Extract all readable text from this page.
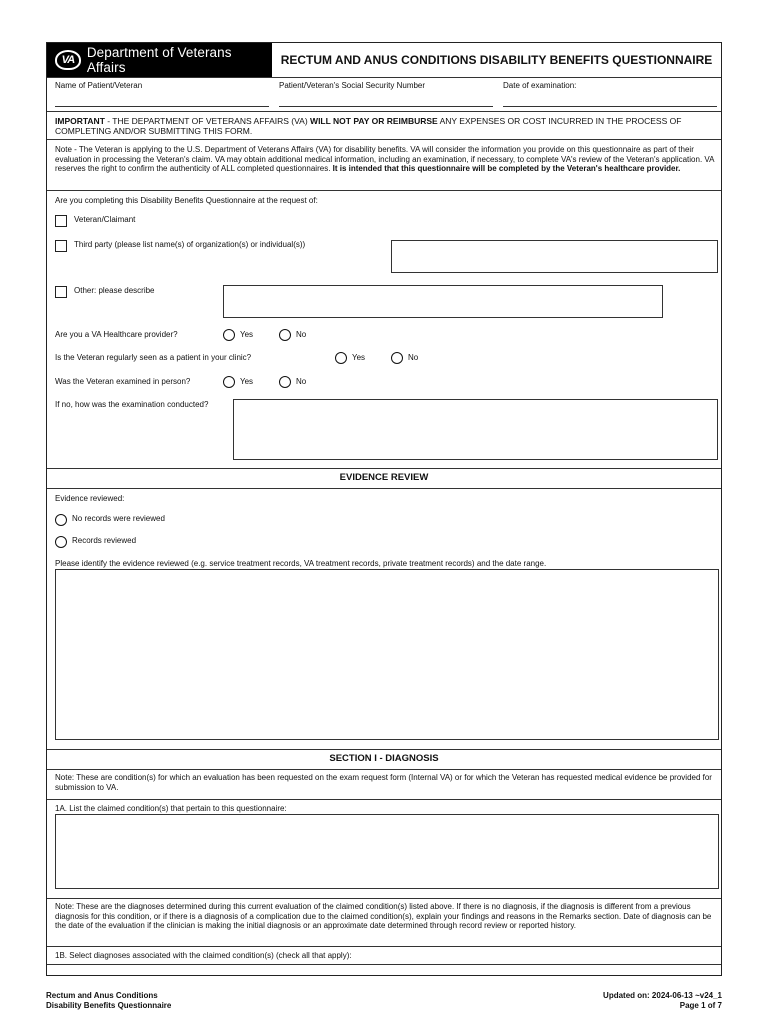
VA Department of Veterans Affairs	RECTUM AND ANUS CONDITIONS DISABILITY BENEFITS QUESTIONNAIRE
Name of Patient/Veteran	Patient/Veteran's Social Security Number	Date of examination:
IMPORTANT - THE DEPARTMENT OF VETERANS AFFAIRS (VA) WILL NOT PAY OR REIMBURSE ANY EXPENSES OR COST INCURRED IN THE PROCESS OF COMPLETING AND/OR SUBMITTING THIS FORM.
Note - The Veteran is applying to the U.S. Department of Veterans Affairs (VA) for disability benefits. VA will consider the information you provide on this questionnaire as part of their evaluation in processing the Veteran's claim. VA may obtain additional medical information, including an examination, if necessary, to complete VA's review of the Veteran's application. VA reserves the right to confirm the authenticity of ALL completed questionnaires. It is intended that this questionnaire will be completed by the Veteran's healthcare provider.
Are you completing this Disability Benefits Questionnaire at the request of:
Veteran/Claimant
Third party (please list name(s) of organization(s) or individual(s))
Other: please describe
Are you a VA Healthcare provider?	Yes	No
Is the Veteran regularly seen as a patient in your clinic?	Yes	No
Was the Veteran examined in person?	Yes	No
If no, how was the examination conducted?
EVIDENCE REVIEW
Evidence reviewed:
No records were reviewed
Records reviewed
Please identify the evidence reviewed (e.g. service treatment records, VA treatment records, private treatment records) and the date range.
SECTION I - DIAGNOSIS
Note: These are condition(s) for which an evaluation has been requested on the exam request form (Internal VA) or for which the Veteran has requested medical evidence be provided for submission to VA.
1A. List the claimed condition(s) that pertain to this questionnaire:
Note: These are the diagnoses determined during this current evaluation of the claimed condition(s) listed above. If there is no diagnosis, if the diagnosis is different from a previous diagnosis for this condition, or if there is a diagnosis of a complication due to the claimed condition(s), explain your findings and reasons in the Remarks section. Date of diagnosis can be the date of the evaluation if the clinician is making the initial diagnosis or an approximate date determined through record review or reported history.
1B. Select diagnoses associated with the claimed condition(s) (check all that apply):
Rectum and Anus Conditions
Disability Benefits Questionnaire
Updated on: 2024-06-13 ~v24_1
Page 1 of 7
